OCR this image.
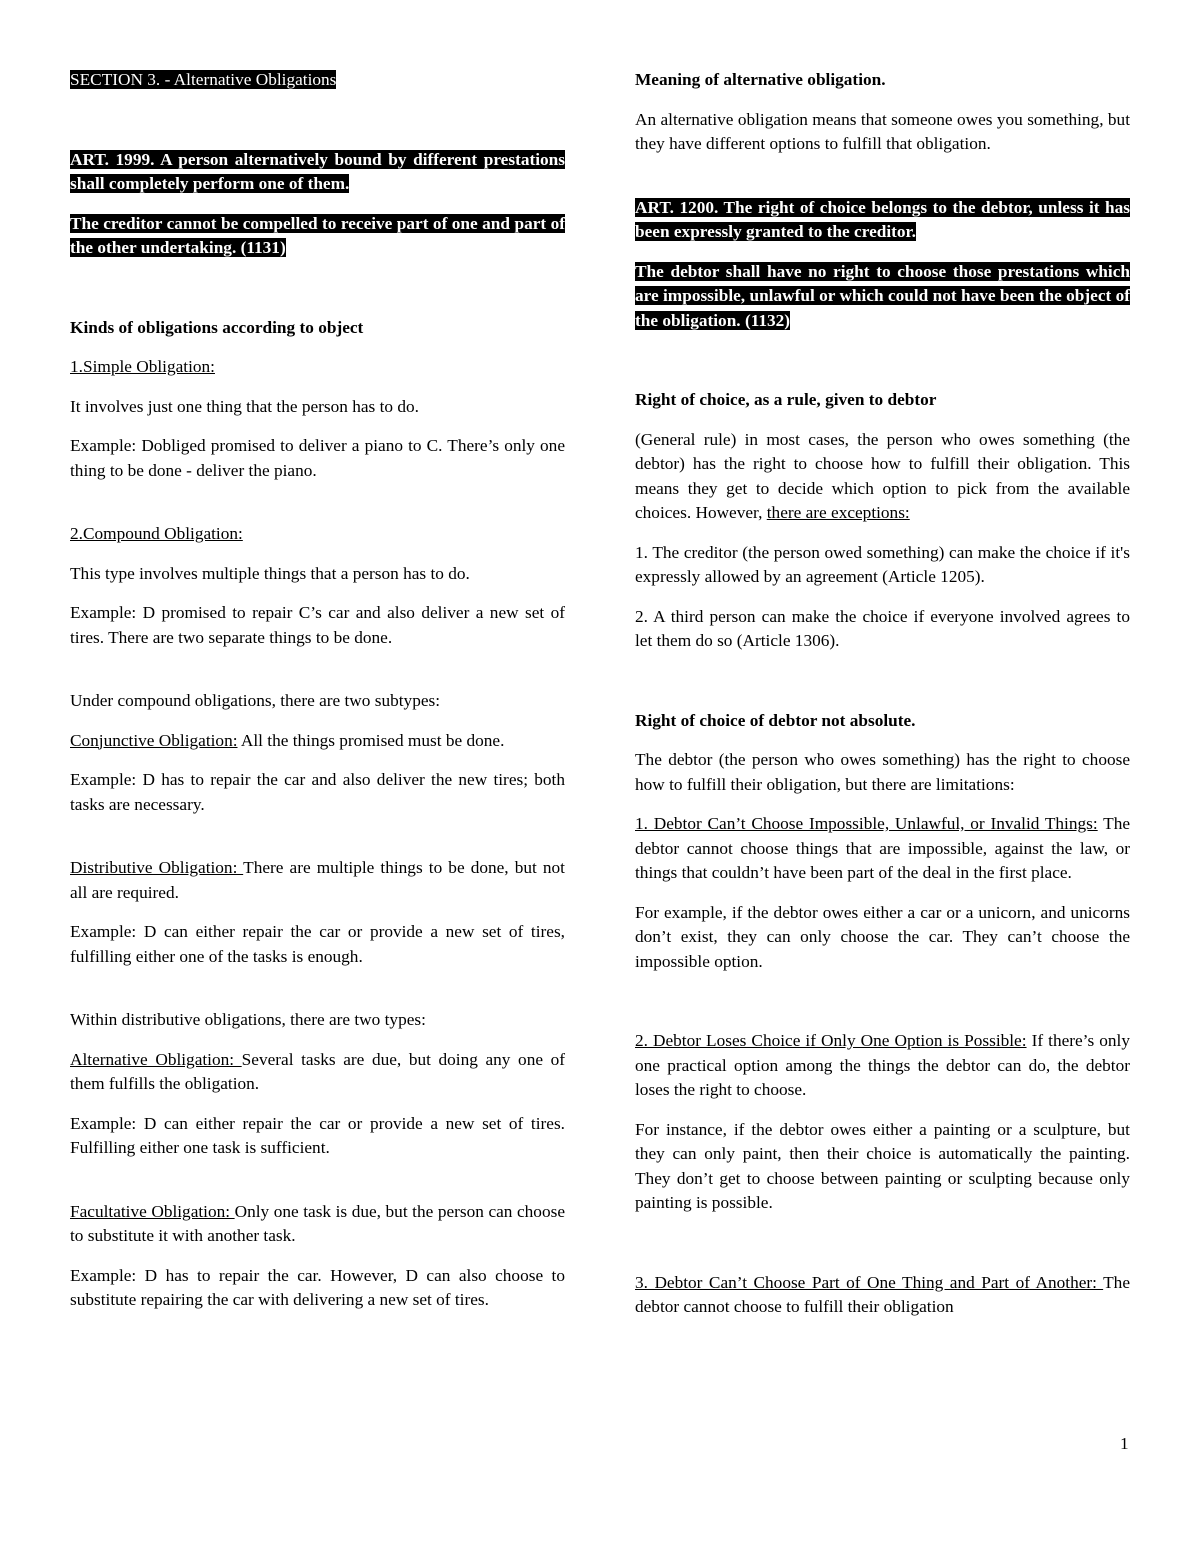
SECTION 3. - Alternative Obligations

ART. 1999. A person alternatively bound by different prestations shall completely perform one of them.

The creditor cannot be compelled to receive part of one and part of the other undertaking. (1131)

Kinds of obligations according to object

1.Simple Obligation:

It involves just one thing that the person has to do.

Example: Dobliged promised to deliver a piano to C. There’s only one thing to be done - deliver the piano.

2.Compound Obligation:

This type involves multiple things that a person has to do.

Example: D promised to repair C’s car and also deliver a new set of tires. There are two separate things to be done.

Under compound obligations, there are two subtypes:

Conjunctive Obligation: All the things promised must be done.

Example: D has to repair the car and also deliver the new tires; both tasks are necessary.

Distributive Obligation: There are multiple things to be done, but not all are required.

Example: D can either repair the car or provide a new set of tires, fulfilling either one of the tasks is enough.

Within distributive obligations, there are two types:

Alternative Obligation: Several tasks are due, but doing any one of them fulfills the obligation.

Example: D can either repair the car or provide a new set of tires. Fulfilling either one task is sufficient.

Facultative Obligation: Only one task is due, but the person can choose to substitute it with another task.

Example: D has to repair the car. However, D can also choose to substitute repairing the car with delivering a new set of tires.

Meaning of alternative obligation.

An alternative obligation means that someone owes you something, but they have different options to fulfill that obligation.

ART. 1200. The right of choice belongs to the debtor, unless it has been expressly granted to the creditor.

The debtor shall have no right to choose those prestations which are impossible, unlawful or which could not have been the object of the obligation. (1132)

Right of choice, as a rule, given to debtor

(General rule) in most cases, the person who owes something (the debtor) has the right to choose how to fulfill their obligation. This means they get to decide which option to pick from the available choices. However, there are exceptions:

1. The creditor (the person owed something) can make the choice if it's expressly allowed by an agreement (Article 1205).

2. A third person can make the choice if everyone involved agrees to let them do so (Article 1306).

Right of choice of debtor not absolute.

The debtor (the person who owes something) has the right to choose how to fulfill their obligation, but there are limitations:

1. Debtor Can’t Choose Impossible, Unlawful, or Invalid Things: The debtor cannot choose things that are impossible, against the law, or things that couldn’t have been part of the deal in the first place.

For example, if the debtor owes either a car or a unicorn, and unicorns don’t exist, they can only choose the car. They can’t choose the impossible option.

2. Debtor Loses Choice if Only One Option is Possible: If there’s only one practical option among the things the debtor can do, the debtor loses the right to choose.

For instance, if the debtor owes either a painting or a sculpture, but they can only paint, then their choice is automatically the painting. They don’t get to choose between painting or sculpting because only painting is possible.

3. Debtor Can’t Choose Part of One Thing and Part of Another: The debtor cannot choose to fulfill their obligation

1
